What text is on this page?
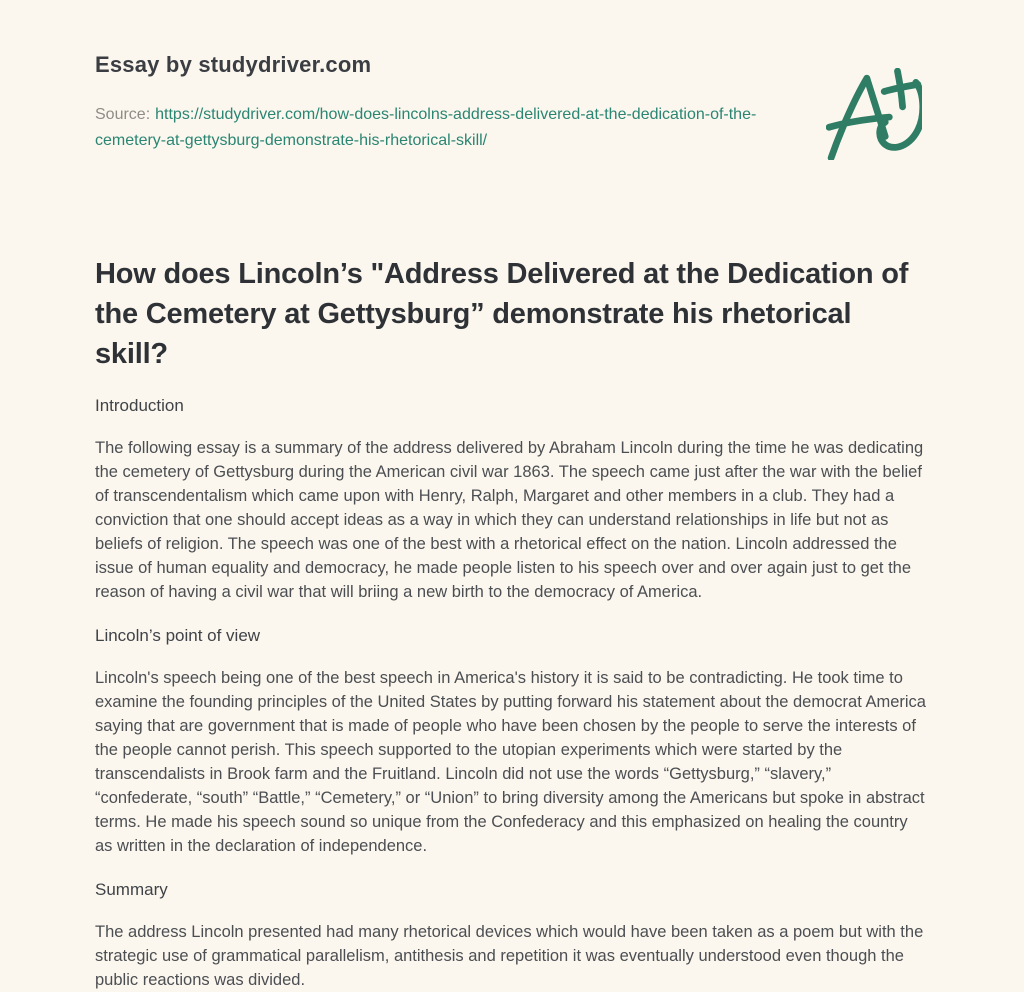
Essay by studydriver.com

Source: https://studydriver.com/how-does-lincolns-address-delivered-at-the-dedication-of-the-cemetery-at-gettysburg-demonstrate-his-rhetorical-skill/

How does Lincoln’s "Address Delivered at the Dedication of the Cemetery at Gettysburg” demonstrate his rhetorical skill?
Introduction

The following essay is a summary of the address delivered by Abraham Lincoln during the time he was dedicating the cemetery of Gettysburg during the American civil war 1863. The speech came just after the war with the belief of transcendentalism which came upon with Henry, Ralph, Margaret and other members in a club. They had a conviction that one should accept ideas as a way in which they can understand relationships in life but not as beliefs of religion. The speech was one of the best with a rhetorical effect on the nation. Lincoln addressed the issue of human equality and democracy, he made people listen to his speech over and over again just to get the reason of having a civil war that will briing a new birth to the democracy of America.

Lincoln’s point of view

Lincoln's speech being one of the best speech in America's history it is said to be contradicting. He took time to examine the founding principles of the United States by putting forward his statement about the democrat America saying that are government that is made of people who have been chosen by the people to serve the interests of the people cannot perish. This speech supported to the utopian experiments which were started by the transcendalists in Brook farm and the Fruitland. Lincoln did not use the words “Gettysburg,” “slavery,” “confederate, “south” “Battle,” “Cemetery,” or “Union” to bring diversity among the Americans but spoke in abstract terms. He made his speech sound so unique from the Confederacy and this emphasized on healing the country as written in the declaration of independence.

Summary

The address Lincoln presented had many rhetorical devices which would have been taken as a poem but with the strategic use of grammatical parallelism, antithesis and repetition it was eventually understood even though the public reactions was divided.
